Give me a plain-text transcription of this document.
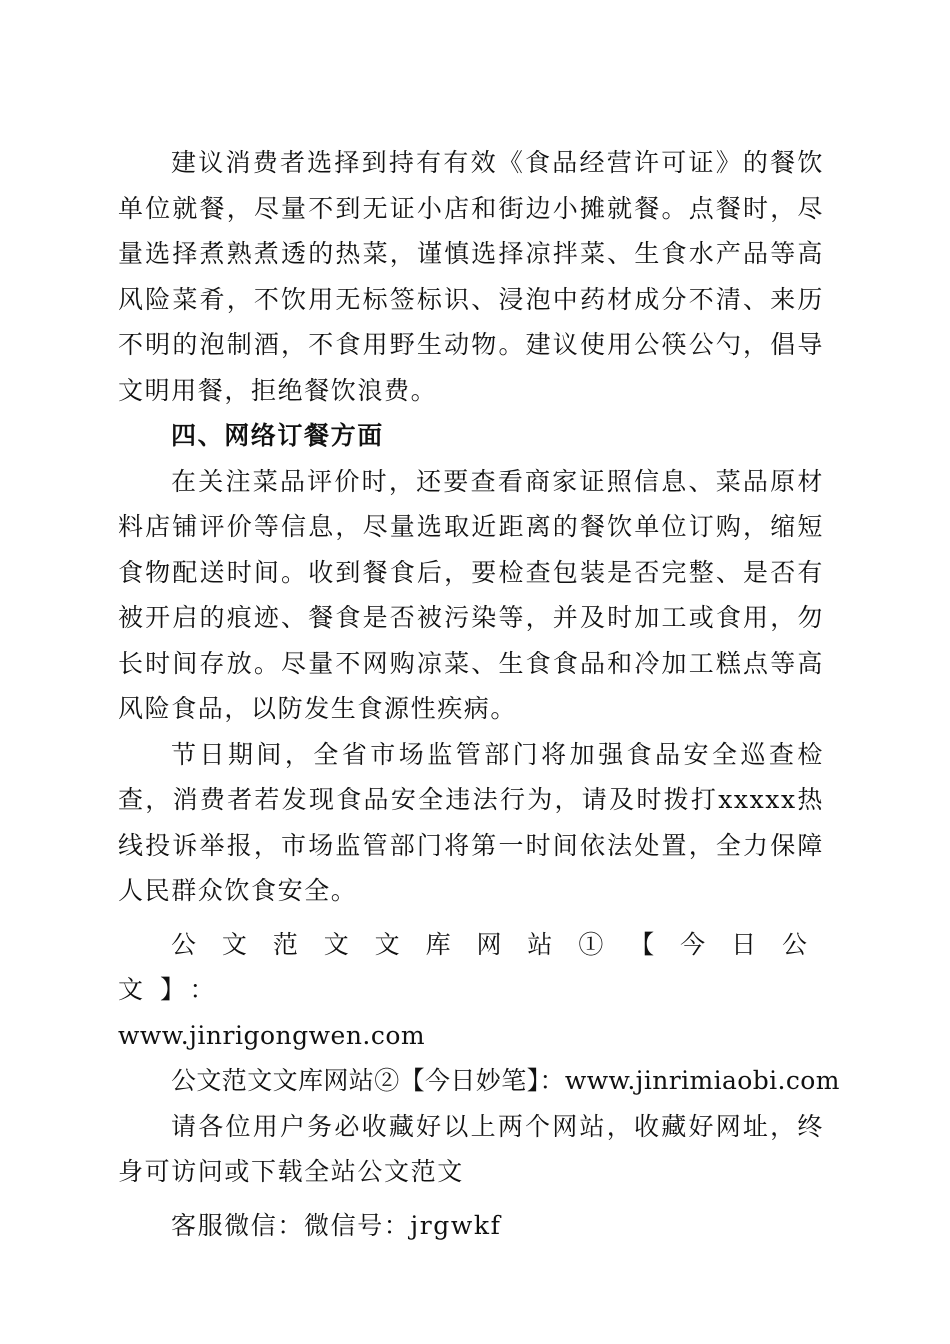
建议消费者选择到持有有效《食品经营许可证》的餐饮单位就餐，尽量不到无证小店和街边小摊就餐。点餐时，尽量选择煮熟煮透的热菜，谨慎选择凉拌菜、生食水产品等高风险菜肴，不饮用无标签标识、浸泡中药材成分不清、来历不明的泡制酒，不食用野生动物。建议使用公筷公勺，倡导文明用餐，拒绝餐饮浪费。

四、网络订餐方面

在关注菜品评价时，还要查看商家证照信息、菜品原材料店铺评价等信息，尽量选取近距离的餐饮单位订购，缩短食物配送时间。收到餐食后，要检查包装是否完整、是否有被开启的痕迹、餐食是否被污染等，并及时加工或食用，勿长时间存放。尽量不网购凉菜、生食食品和冷加工糕点等高风险食品，以防发生食源性疾病。

节日期间，全省市场监管部门将加强食品安全巡查检查，消费者若发现食品安全违法行为，请及时拨打xxxxx热线投诉举报，市场监管部门将第一时间依法处置，全力保障人民群众饮食安全。

公文范文文库网站①【今日公文】：
www.jinrigongwen.com

公文范文文库网站②【今日妙笔】：www.jinrimiaobi.com

请各位用户务必收藏好以上两个网站，收藏好网址，终身可访问或下载全站公文范文

客服微信：微信号：jrgwkf
